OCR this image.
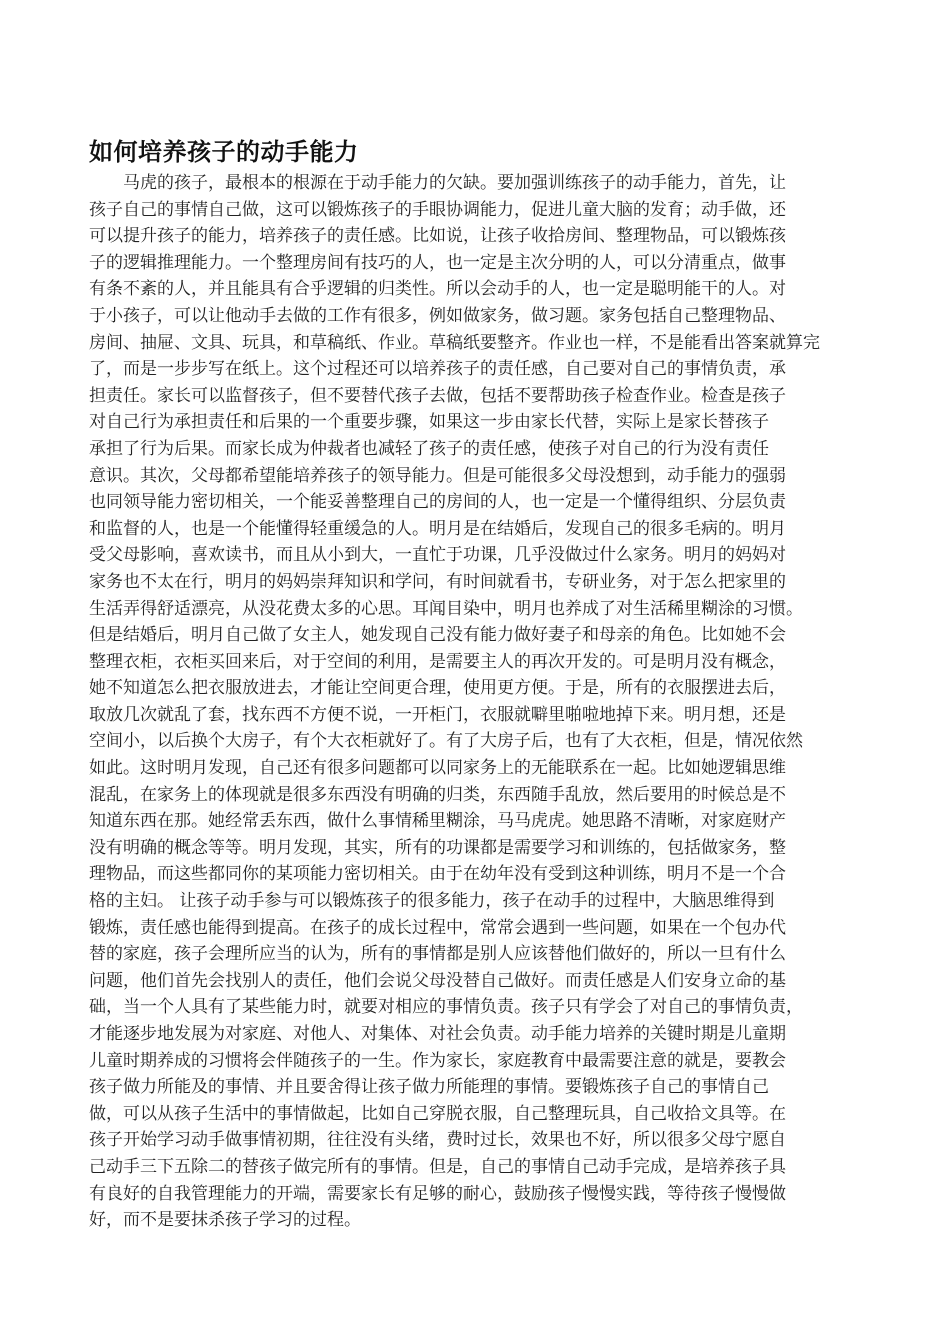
如何培养孩子的动手能力
　　马虎的孩子，最根本的根源在于动手能力的欠缺。要加强训练孩子的动手能力，首先，让
孩子自己的事情自己做，这可以锻炼孩子的手眼协调能力，促进儿童大脑的发育；动手做，还
可以提升孩子的能力，培养孩子的责任感。比如说，让孩子收拾房间、整理物品，可以锻炼孩
子的逻辑推理能力。一个整理房间有技巧的人，也一定是主次分明的人，可以分清重点，做事
有条不紊的人，并且能具有合乎逻辑的归类性。所以会动手的人，也一定是聪明能干的人。对
于小孩子，可以让他动手去做的工作有很多，例如做家务，做习题。家务包括自己整理物品、
房间、抽屉、文具、玩具，和草稿纸、作业。草稿纸要整齐。作业也一样，不是能看出答案就算完
了，而是一步步写在纸上。这个过程还可以培养孩子的责任感，自己要对自己的事情负责，承
担责任。家长可以监督孩子，但不要替代孩子去做，包括不要帮助孩子检查作业。检查是孩子
对自己行为承担责任和后果的一个重要步骤，如果这一步由家长代替，实际上是家长替孩子
承担了行为后果。而家长成为仲裁者也减轻了孩子的责任感，使孩子对自己的行为没有责任
意识。其次，父母都希望能培养孩子的领导能力。但是可能很多父母没想到，动手能力的强弱
也同领导能力密切相关，一个能妥善整理自己的房间的人，也一定是一个懂得组织、分层负责
和监督的人，也是一个能懂得轻重缓急的人。明月是在结婚后，发现自己的很多毛病的。明月
受父母影响，喜欢读书，而且从小到大，一直忙于功课，几乎没做过什么家务。明月的妈妈对
家务也不太在行，明月的妈妈崇拜知识和学问，有时间就看书，专研业务，对于怎么把家里的
生活弄得舒适漂亮，从没花费太多的心思。耳闻目染中，明月也养成了对生活稀里糊涂的习惯。
但是结婚后，明月自己做了女主人，她发现自己没有能力做好妻子和母亲的角色。比如她不会
整理衣柜，衣柜买回来后，对于空间的利用，是需要主人的再次开发的。可是明月没有概念，
她不知道怎么把衣服放进去，才能让空间更合理，使用更方便。于是，所有的衣服摆进去后，
取放几次就乱了套，找东西不方便不说，一开柜门，衣服就噼里啪啦地掉下来。明月想，还是
空间小，以后换个大房子，有个大衣柜就好了。有了大房子后，也有了大衣柜，但是，情况依然
如此。这时明月发现，自己还有很多问题都可以同家务上的无能联系在一起。比如她逻辑思维
混乱，在家务上的体现就是很多东西没有明确的归类，东西随手乱放，然后要用的时候总是不
知道东西在那。她经常丢东西，做什么事情稀里糊涂，马马虎虎。她思路不清晰，对家庭财产
没有明确的概念等等。明月发现，其实，所有的功课都是需要学习和训练的，包括做家务，整
理物品，而这些都同你的某项能力密切相关。由于在幼年没有受到这种训练，明月不是一个合
格的主妇。 让孩子动手参与可以锻炼孩子的很多能力，孩子在动手的过程中，大脑思维得到
锻炼，责任感也能得到提高。在孩子的成长过程中，常常会遇到一些问题，如果在一个包办代
替的家庭，孩子会理所应当的认为，所有的事情都是别人应该替他们做好的，所以一旦有什么
问题，他们首先会找别人的责任，他们会说父母没替自己做好。而责任感是人们安身立命的基
础，当一个人具有了某些能力时，就要对相应的事情负责。孩子只有学会了对自己的事情负责，
才能逐步地发展为对家庭、对他人、对集体、对社会负责。动手能力培养的关键时期是儿童期
儿童时期养成的习惯将会伴随孩子的一生。作为家长，家庭教育中最需要注意的就是，要教会
孩子做力所能及的事情、并且要舍得让孩子做力所能理的事情。要锻炼孩子自己的事情自己
做，可以从孩子生活中的事情做起，比如自己穿脱衣服，自己整理玩具，自己收拾文具等。在
孩子开始学习动手做事情初期，往往没有头绪，费时过长，效果也不好，所以很多父母宁愿自
己动手三下五除二的替孩子做完所有的事情。但是，自己的事情自己动手完成，是培养孩子具
有良好的自我管理能力的开端，需要家长有足够的耐心，鼓励孩子慢慢实践，等待孩子慢慢做
好，而不是要抹杀孩子学习的过程。
